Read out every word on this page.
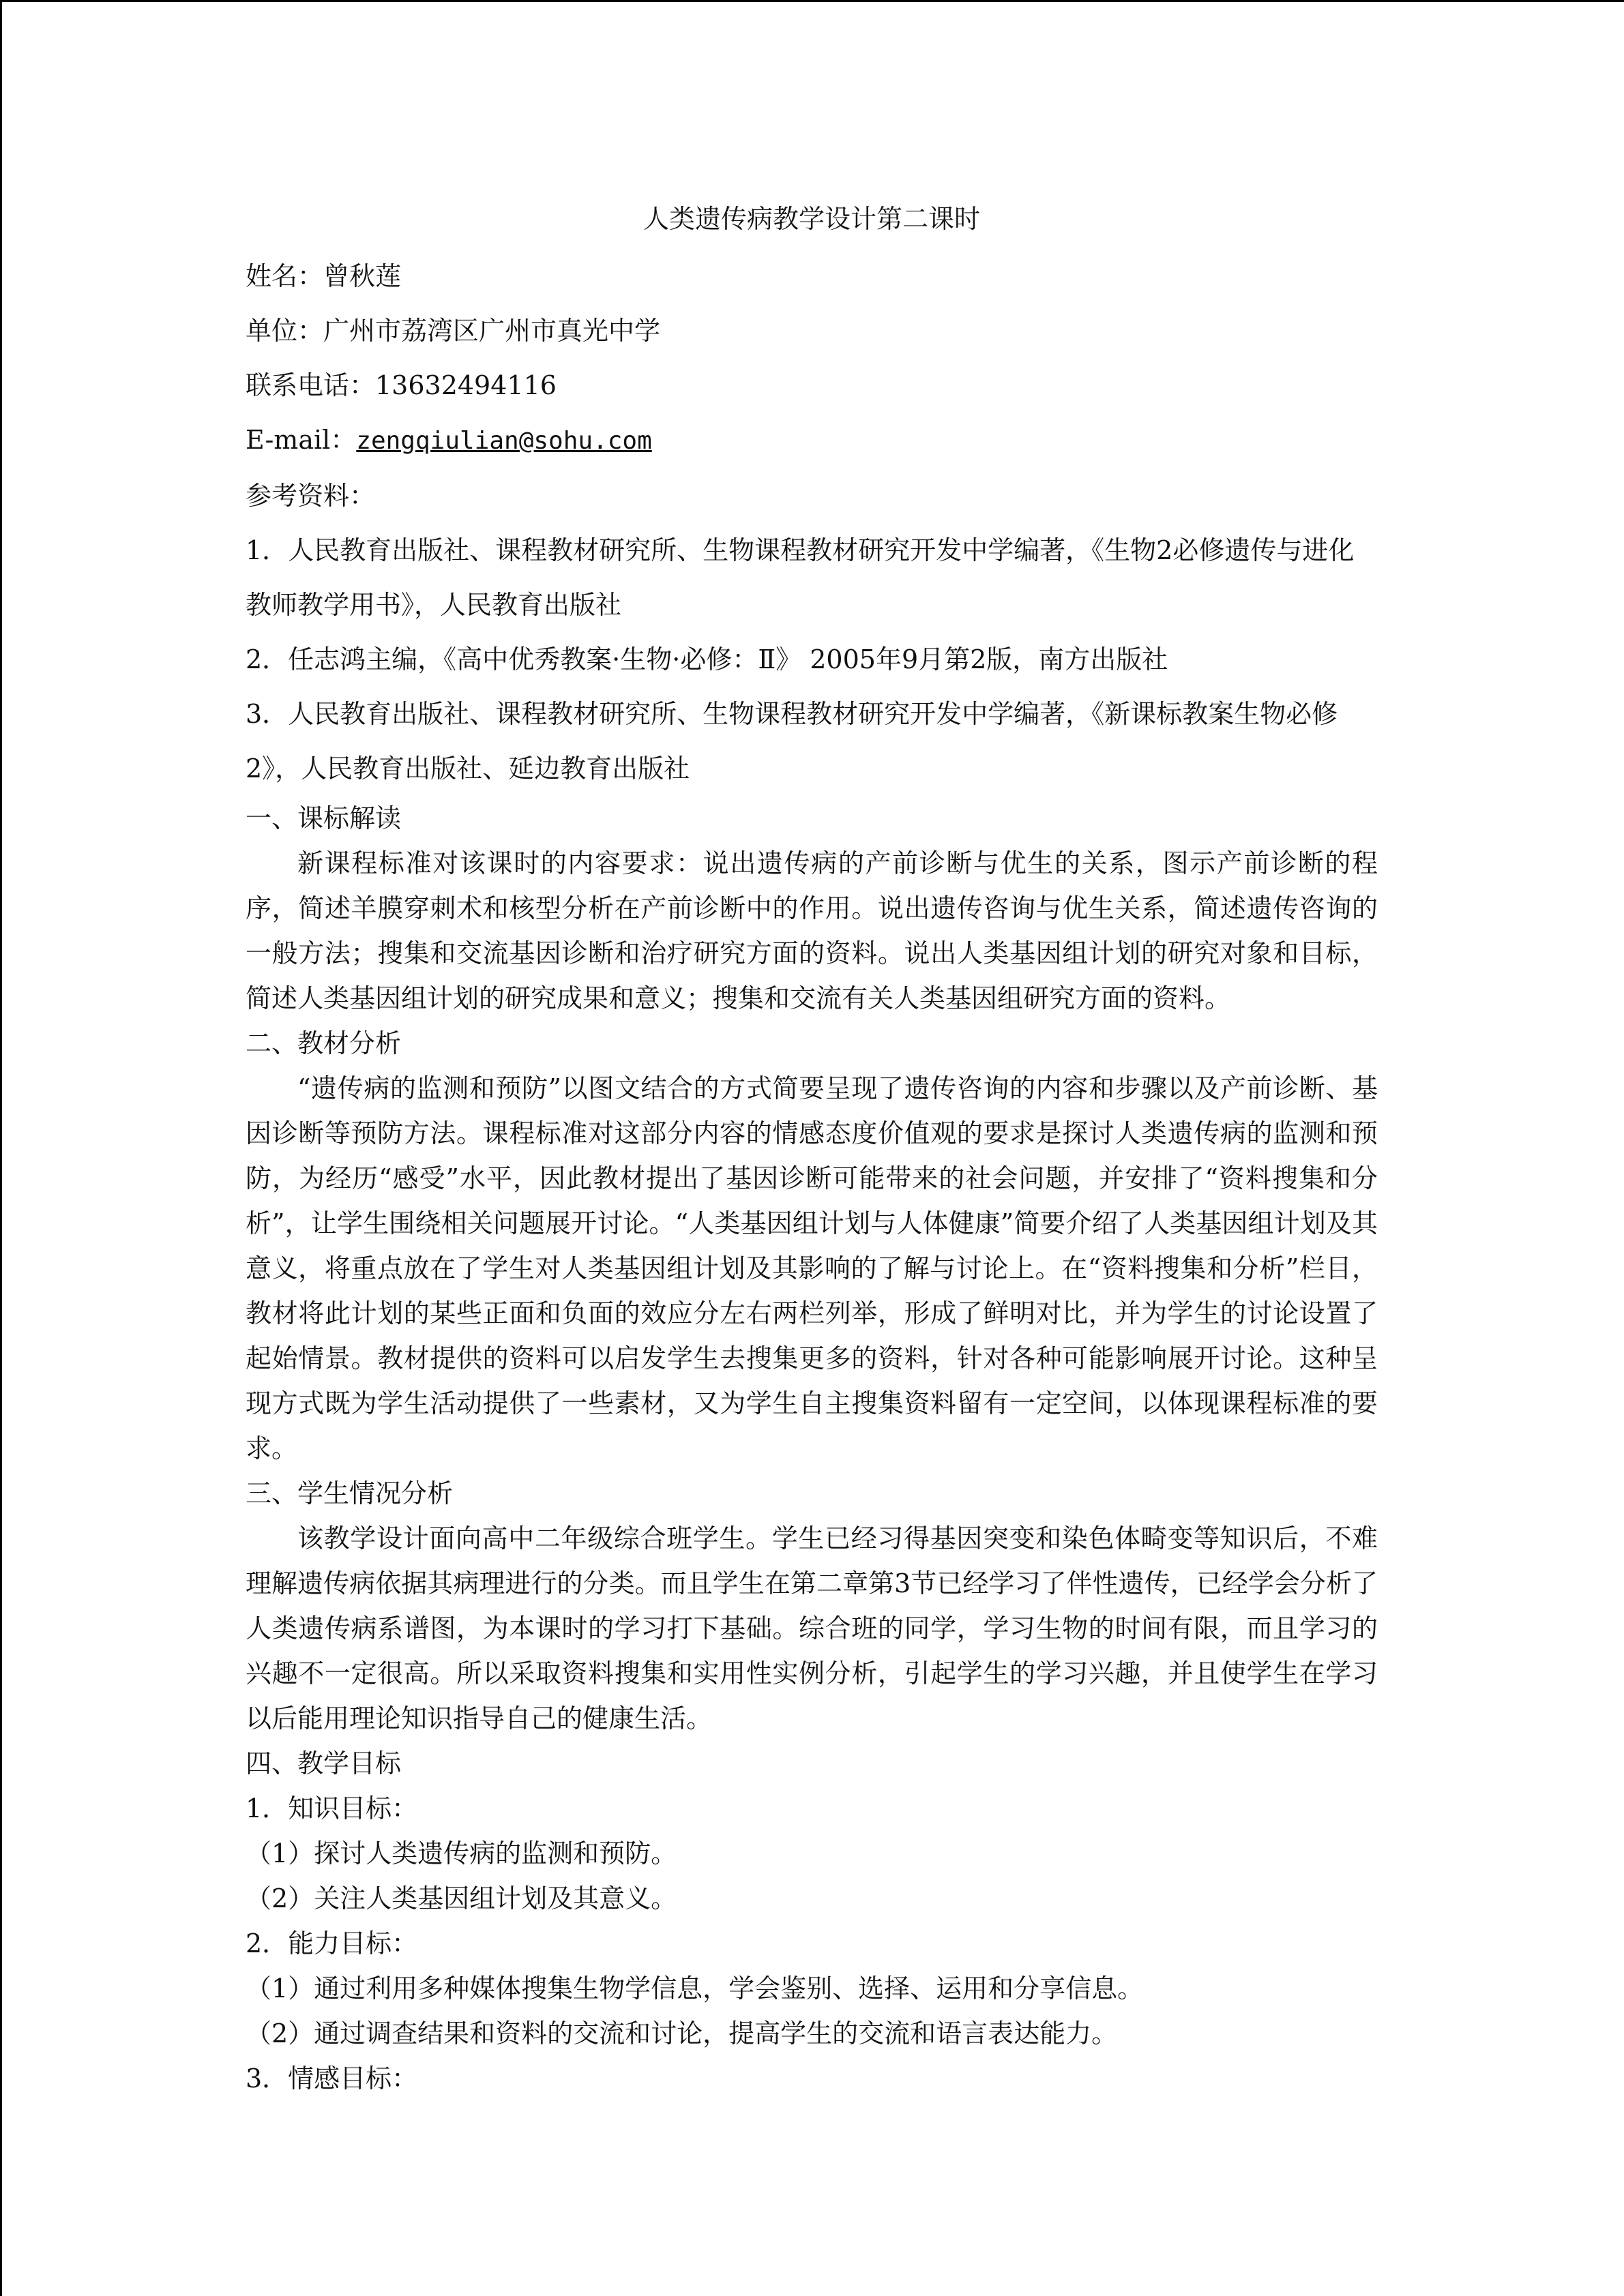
人类遗传病教学设计第二课时
姓名：曾秋莲
单位：广州市荔湾区广州市真光中学
联系电话：13632494116
E-mail：zengqiulian@sohu.com
参考资料：
1．人民教育出版社、课程教材研究所、生物课程教材研究开发中学编著，《生物2必修遗传与进化教师教学用书》，人民教育出版社
2．任志鸿主编，《高中优秀教案·生物·必修：Ⅱ》 2005年9月第2版，南方出版社
3．人民教育出版社、课程教材研究所、生物课程教材研究开发中学编著，《新课标教案生物必修2》，人民教育出版社、延边教育出版社
一、课标解读
新课程标准对该课时的内容要求：说出遗传病的产前诊断与优生的关系，图示产前诊断的程序，简述羊膜穿刺术和核型分析在产前诊断中的作用。说出遗传咨询与优生关系，简述遗传咨询的一般方法；搜集和交流基因诊断和治疗研究方面的资料。说出人类基因组计划的研究对象和目标，简述人类基因组计划的研究成果和意义；搜集和交流有关人类基因组研究方面的资料。
二、教材分析
“遗传病的监测和预防”以图文结合的方式简要呈现了遗传咨询的内容和步骤以及产前诊断、基因诊断等预防方法。课程标准对这部分内容的情感态度价值观的要求是探讨人类遗传病的监测和预防，为经历“感受”水平，因此教材提出了基因诊断可能带来的社会问题，并安排了“资料搜集和分析”，让学生围绕相关问题展开讨论。“人类基因组计划与人体健康”简要介绍了人类基因组计划及其意义，将重点放在了学生对人类基因组计划及其影响的了解与讨论上。在“资料搜集和分析”栏目，教材将此计划的某些正面和负面的效应分左右两栏列举，形成了鲜明对比，并为学生的讨论设置了起始情景。教材提供的资料可以启发学生去搜集更多的资料，针对各种可能影响展开讨论。这种呈现方式既为学生活动提供了一些素材，又为学生自主搜集资料留有一定空间，以体现课程标准的要求。
三、学生情况分析
该教学设计面向高中二年级综合班学生。学生已经习得基因突变和染色体畸变等知识后，不难理解遗传病依据其病理进行的分类。而且学生在第二章第3节已经学习了伴性遗传，已经学会分析了人类遗传病系谱图，为本课时的学习打下基础。综合班的同学，学习生物的时间有限，而且学习的兴趣不一定很高。所以采取资料搜集和实用性实例分析，引起学生的学习兴趣，并且使学生在学习以后能用理论知识指导自己的健康生活。
四、教学目标
1．知识目标：
（1）探讨人类遗传病的监测和预防。
（2）关注人类基因组计划及其意义。
2．能力目标：
（1）通过利用多种媒体搜集生物学信息，学会鉴别、选择、运用和分享信息。
（2）通过调查结果和资料的交流和讨论，提高学生的交流和语言表达能力。
3．情感目标：
